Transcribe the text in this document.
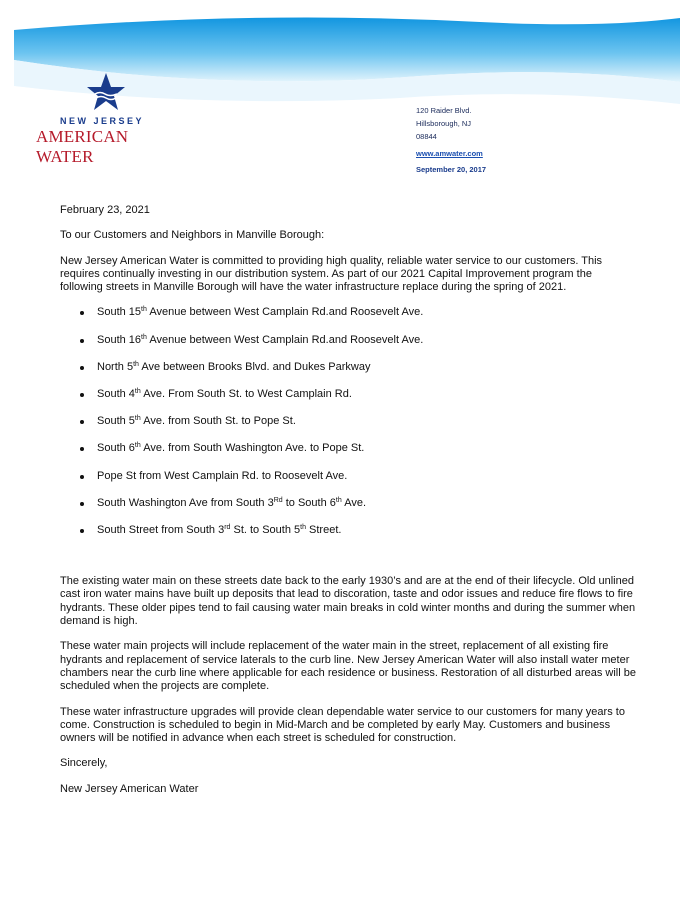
NEW JERSEY
AMERICAN WATER
120 Raider Blvd.
Hillsborough, NJ
08844
www.amwater.com
September 20, 2017

February 23, 2021

To our Customers and Neighbors in Manville Borough:

New Jersey American Water is committed to providing high quality, reliable water service to our customers. This requires continually investing in our distribution system. As part of our 2021 Capital Improvement program the following streets in Manville Borough will have the water infrastructure replace during the spring of 2021.

South 15th Avenue between West Camplain Rd.and Roosevelt Ave.
South 16th Avenue between West Camplain Rd.and Roosevelt Ave.
North 5th Ave between Brooks Blvd. and Dukes Parkway
South 4th Ave. From South St. to West Camplain Rd.
South 5th Ave. from South St. to Pope St.
South 6th Ave. from South Washington Ave. to Pope St.
Pope St from West Camplain Rd. to Roosevelt Ave.
South Washington Ave from South 3Rd to South 6th Ave.
South Street from South 3rd St. to South 5th Street.

The existing water main on these streets date back to the early 1930’s and are at the end of their lifecycle. Old unlined cast iron water mains have built up deposits that lead to discoration, taste and odor issues and reduce fire flows to fire hydrants. These older pipes tend to fail causing water main breaks in cold winter months and during the summer when demand is high.

These water main projects will include replacement of the water main in the street, replacement of all existing fire hydrants and replacement of service laterals to the curb line. New Jersey American Water will also install water meter chambers near the curb line where applicable for each residence or business. Restoration of all disturbed areas will be scheduled when the projects are complete.

These water infrastructure upgrades will provide clean dependable water service to our customers for many years to come. Construction is scheduled to begin in Mid-March and be completed by early May. Customers and business owners will be notified in advance when each street is scheduled for construction.

Sincerely,

New Jersey American Water
